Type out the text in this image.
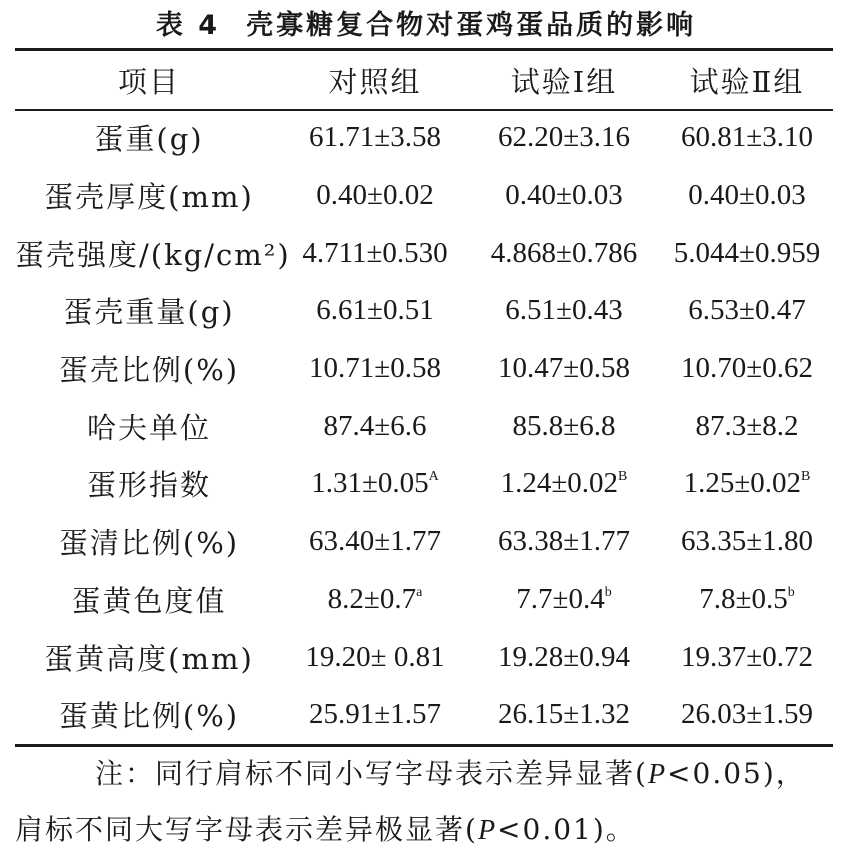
表 4 壳寡糖复合物对蛋鸡蛋品质的影响
项目	对照组	试验Ⅰ组	试验Ⅱ组
蛋重(g)	61.71±3.58	62.20±3.16	60.81±3.10
蛋壳厚度(mm)	0.40±0.02	0.40±0.03	0.40±0.03
蛋壳强度/(kg/cm²)	4.711±0.530	4.868±0.786	5.044±0.959
蛋壳重量(g)	6.61±0.51	6.51±0.43	6.53±0.47
蛋壳比例(%)	10.71±0.58	10.47±0.58	10.70±0.62
哈夫单位	87.4±6.6	85.8±6.8	87.3±8.2
蛋形指数	$1.31\pm 0.05^A$	$1.24\pm 0.02^B$	$1.25\pm 0.02^B$
蛋清比例(%)	63.40±1.77	63.38±1.77	63.35±1.80
蛋黄色度值	8.2±0.7$^a$	7.7±0.4$^b$	7.8±0.5$^b$
蛋黄高度(mm)	19.20± 0.81	19.28±0.94	19.37±0.72
蛋黄比例(%)	25.91±1.57	26.15±1.32	26.03±1.59
注：同行肩标不同小写字母表示差异显著(P<0.05)，
肩标不同大写字母表示差异极显著(P<0.01)。
